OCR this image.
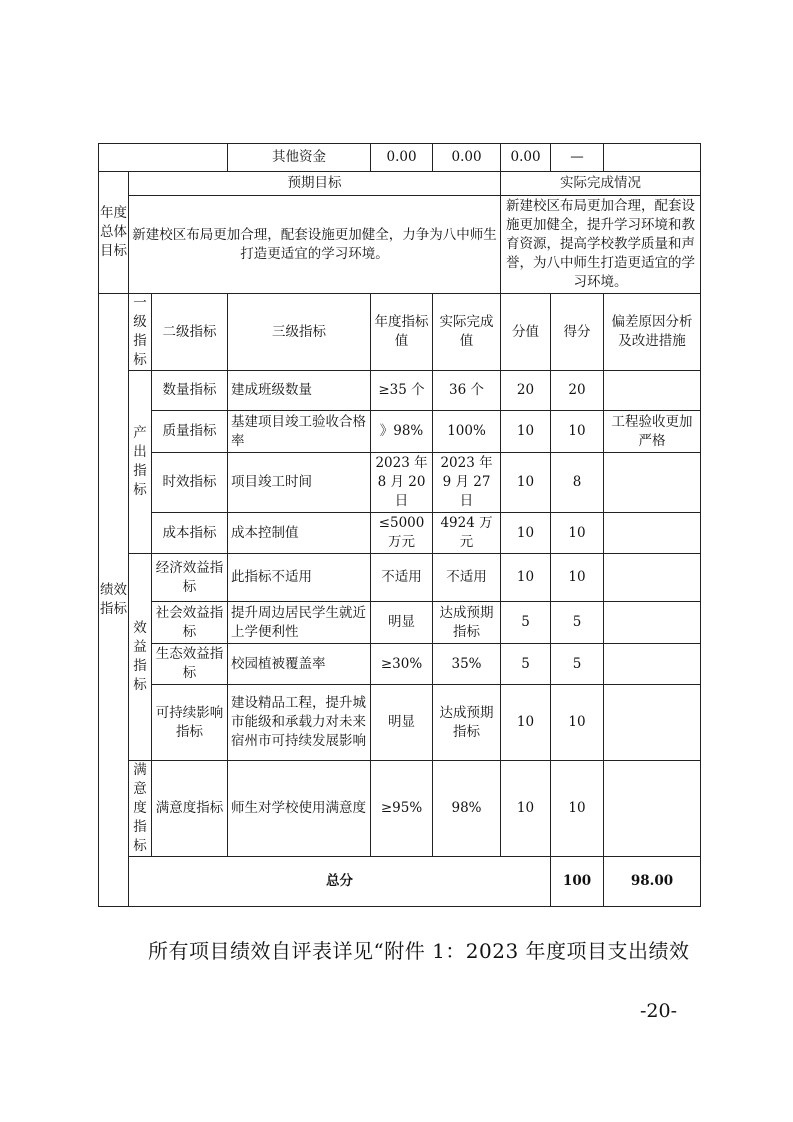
			其他资金	0.00	0.00	0.00	—		
年度总体目标	预期目标					实际完成情况			
	新建校区布局更加合理，配套设施更加健全，力争为八中师生打造更适宜的学习环境。					新建校区布局更加合理，配套设施更加健全，提升学习环境和教育资源，提高学校教学质量和声誉，为八中师生打造更适宜的学习环境。			
绩效指标	一级指标	二级指标	三级指标	年度指标值	实际完成值	分值	得分	偏差原因分析及改进措施	
	产出指标	数量指标	建成班级数量	≥35 个	36 个	20	20		
		质量指标	基建项目竣工验收合格率	》98%	100%	10	10	工程验收更加严格	
		时效指标	项目竣工时间	2023 年 8 月 20 日	2023 年 9 月 27 日	10	8		
		成本指标	成本控制值	≤5000 万元	4924 万元	10	10		
	效益指标	经济效益指标	此指标不适用	不适用	不适用	10	10		
		社会效益指标	提升周边居民学生就近上学便利性	明显	达成预期指标	5	5		
		生态效益指标	校园植被覆盖率	≥30%	35%	5	5		
		可持续影响指标	建设精品工程，提升城市能级和承载力对未来宿州市可持续发展影响	明显	达成预期指标	10	10		
	满意度指标	满意度指标	师生对学校使用满意度	≥95%	98%	10	10		
	总分						100	98.00	
所有项目绩效自评表详见“附件 1：2023 年度项目支出绩效
-20-
